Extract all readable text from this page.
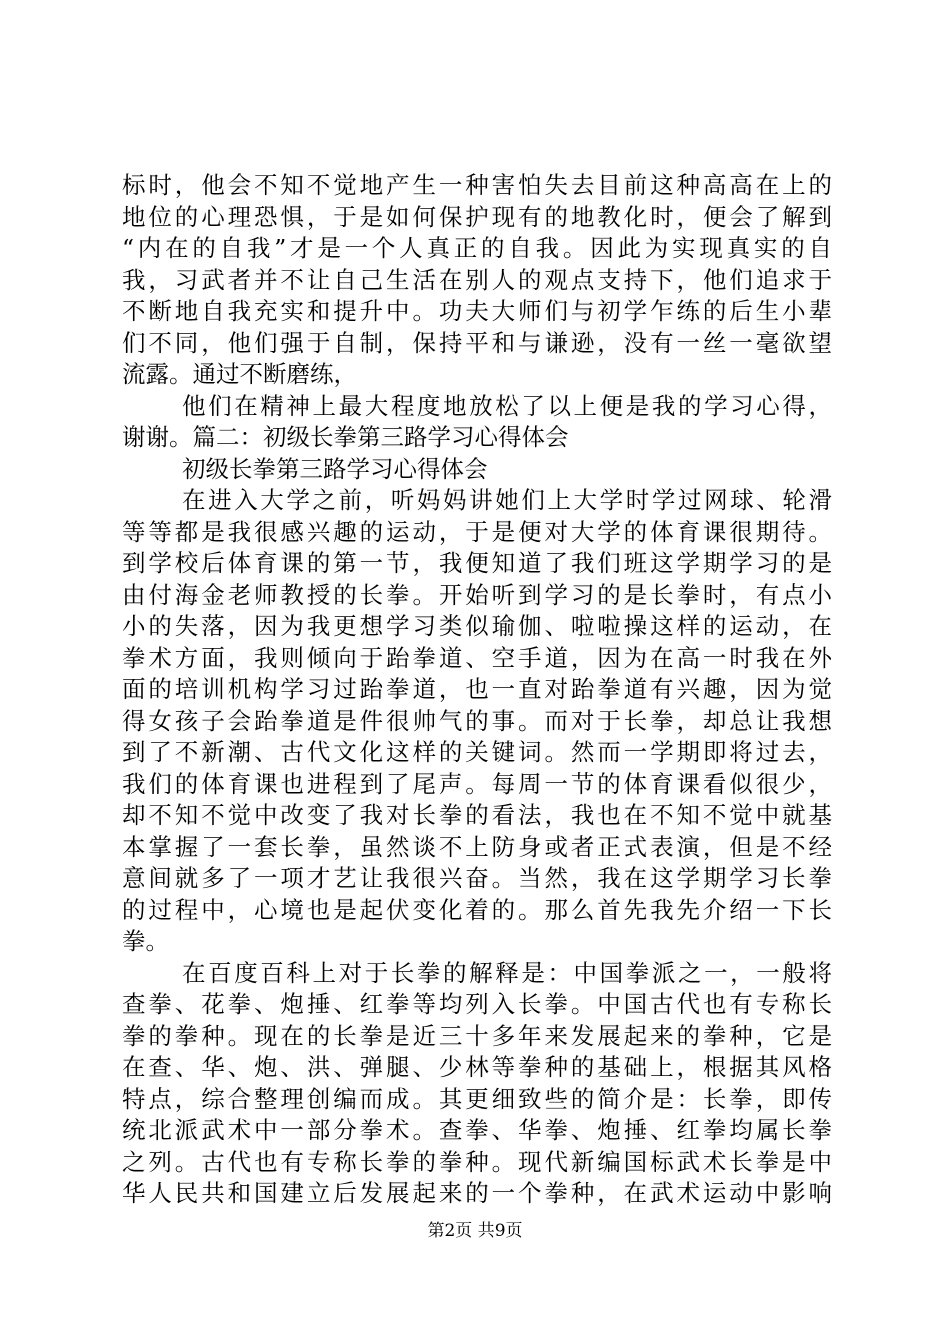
标时，他会不知不觉地产生一种害怕失去目前这种高高在上的
地位的心理恐惧，于是如何保护现有的地教化时，便会了解到
“内在的自我”才是一个人真正的自我。因此为实现真实的自
我，习武者并不让自己生活在别人的观点支持下，他们追求于
不断地自我充实和提升中。功夫大师们与初学乍练的后生小辈
们不同，他们强于自制，保持平和与谦逊，没有一丝一毫欲望
流露。通过不断磨练，
他们在精神上最大程度地放松了以上便是我的学习心得，
谢谢。篇二：初级长拳第三路学习心得体会
初级长拳第三路学习心得体会
在进入大学之前，听妈妈讲她们上大学时学过网球、轮滑
等等都是我很感兴趣的运动，于是便对大学的体育课很期待。
到学校后体育课的第一节，我便知道了我们班这学期学习的是
由付海金老师教授的长拳。开始听到学习的是长拳时，有点小
小的失落，因为我更想学习类似瑜伽、啦啦操这样的运动，在
拳术方面，我则倾向于跆拳道、空手道，因为在高一时我在外
面的培训机构学习过跆拳道，也一直对跆拳道有兴趣，因为觉
得女孩子会跆拳道是件很帅气的事。而对于长拳，却总让我想
到了不新潮、古代文化这样的关键词。然而一学期即将过去，
我们的体育课也进程到了尾声。每周一节的体育课看似很少，
却不知不觉中改变了我对长拳的看法，我也在不知不觉中就基
本掌握了一套长拳，虽然谈不上防身或者正式表演，但是不经
意间就多了一项才艺让我很兴奋。当然，我在这学期学习长拳
的过程中，心境也是起伏变化着的。那么首先我先介绍一下长
拳。
在百度百科上对于长拳的解释是：中国拳派之一，一般将
查拳、花拳、炮捶、红拳等均列入长拳。中国古代也有专称长
拳的拳种。现在的长拳是近三十多年来发展起来的拳种，它是
在查、华、炮、洪、弹腿、少林等拳种的基础上，根据其风格
特点，综合整理创编而成。其更细致些的简介是：长拳，即传
统北派武术中一部分拳术。查拳、华拳、炮捶、红拳均属长拳
之列。古代也有专称长拳的拳种。现代新编国标武术长拳是中
华人民共和国建立后发展起来的一个拳种，在武术运动中影响
第2页 共9页
